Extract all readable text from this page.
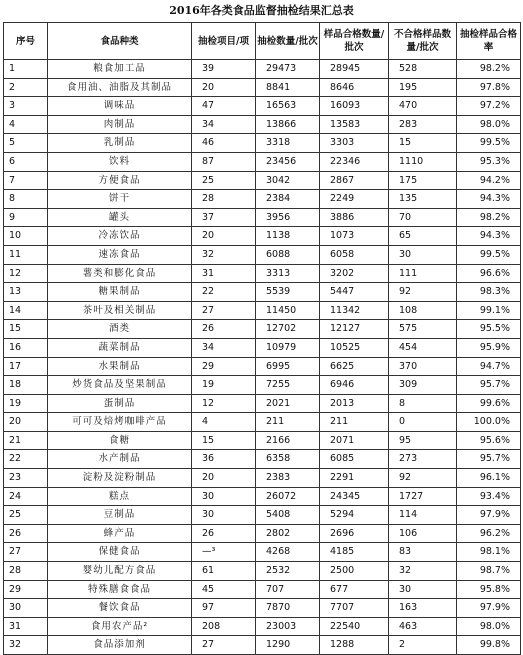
2016年各类食品监督抽检结果汇总表
序号	食品种类	抽检项目/项	抽检数量/批次	样品合格数量/批次	不合格样品数量/批次	抽检样品合格率
1	粮食加工品	39	29473	28945	528	98.2%
2	食用油、油脂及其制品	20	8841	8646	195	97.8%
3	调味品	47	16563	16093	470	97.2%
4	肉制品	34	13866	13583	283	98.0%
5	乳制品	46	3318	3303	15	99.5%
6	饮料	87	23456	22346	1110	95.3%
7	方便食品	25	3042	2867	175	94.2%
8	饼干	28	2384	2249	135	94.3%
9	罐头	37	3956	3886	70	98.2%
10	冷冻饮品	20	1138	1073	65	94.3%
11	速冻食品	32	6088	6058	30	99.5%
12	薯类和膨化食品	31	3313	3202	111	96.6%
13	糖果制品	22	5539	5447	92	98.3%
14	茶叶及相关制品	27	11450	11342	108	99.1%
15	酒类	26	12702	12127	575	95.5%
16	蔬菜制品	34	10979	10525	454	95.9%
17	水果制品	29	6995	6625	370	94.7%
18	炒货食品及坚果制品	19	7255	6946	309	95.7%
19	蛋制品	12	2021	2013	8	99.6%
20	可可及焙烤咖啡产品	4	211	211	0	100.0%
21	食糖	15	2166	2071	95	95.6%
22	水产制品	36	6358	6085	273	95.7%
23	淀粉及淀粉制品	20	2383	2291	92	96.1%
24	糕点	30	26072	24345	1727	93.4%
25	豆制品	30	5408	5294	114	97.9%
26	蜂产品	26	2802	2696	106	96.2%
27	保健食品	—³	4268	4185	83	98.1%
28	婴幼儿配方食品	61	2532	2500	32	98.7%
29	特殊膳食食品	45	707	677	30	95.8%
30	餐饮食品	97	7870	7707	163	97.9%
31	食用农产品²	208	23003	22540	463	98.0%
32	食品添加剂	27	1290	1288	2	99.8%
